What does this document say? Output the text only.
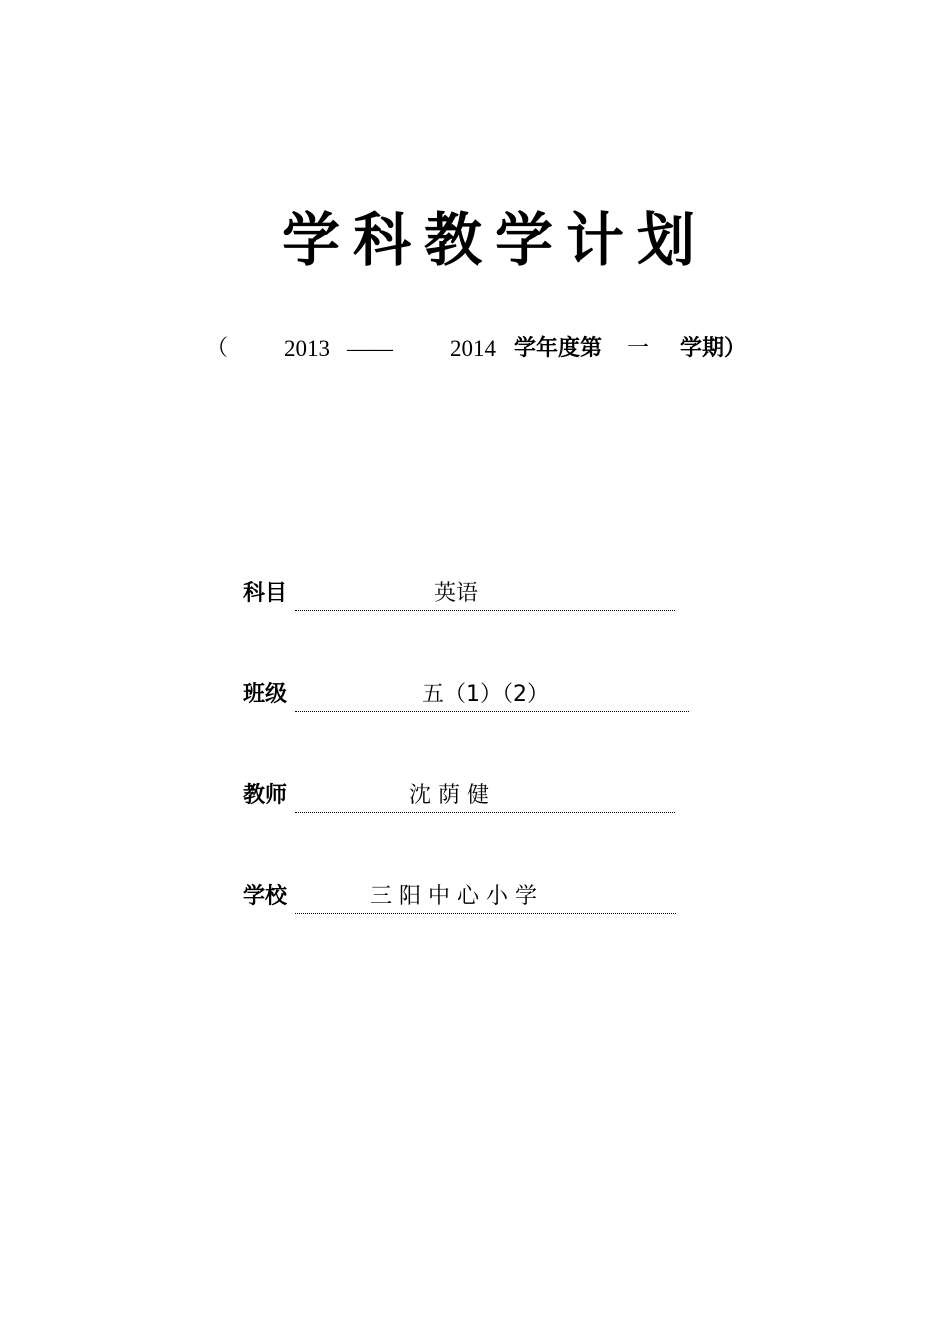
学科教学计划
（ 2013 —— 2014 学年度第 一 学期）
科目	英语
班级	五（1）（2）
教师	沈 荫 健
学校	三 阳 中 心 小 学
